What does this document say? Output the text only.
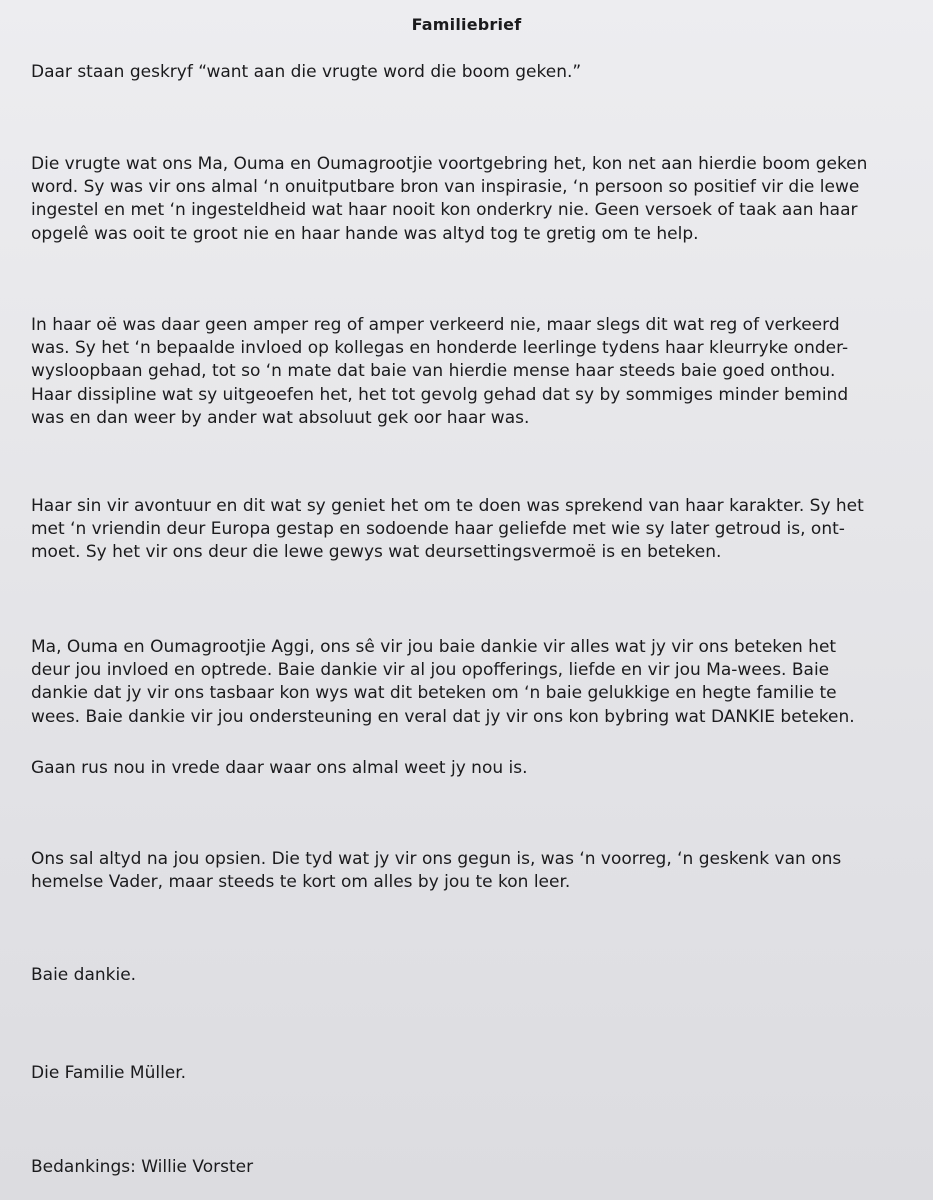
Familiebrief

Daar staan geskryf “want aan die vrugte word die boom geken.”

Die vrugte wat ons Ma, Ouma en Oumagrootjie voortgebring het, kon net aan hierdie boom geken
word. Sy was vir ons almal ‘n onuitputbare bron van inspirasie, ‘n persoon so positief vir die lewe
ingestel en met ‘n ingesteldheid wat haar nooit kon onderkry nie. Geen versoek of taak aan haar
opgelê was ooit te groot nie en haar hande was altyd tog te gretig om te help.

In haar oë was daar geen amper reg of amper verkeerd nie, maar slegs dit wat reg of verkeerd
was. Sy het ‘n bepaalde invloed op kollegas en honderde leerlinge tydens haar kleurryke onder-
wysloopbaan gehad, tot so ‘n mate dat baie van hierdie mense haar steeds baie goed onthou.
Haar dissipline wat sy uitgeoefen het, het tot gevolg gehad dat sy by sommiges minder bemind
was en dan weer by ander wat absoluut gek oor haar was.

Haar sin vir avontuur en dit wat sy geniet het om te doen was sprekend van haar karakter. Sy het
met ‘n vriendin deur Europa gestap en sodoende haar geliefde met wie sy later getroud is, ont-
moet. Sy het vir ons deur die lewe gewys wat deursettingsvermoë is en beteken.

Ma, Ouma en Oumagrootjie Aggi, ons sê vir jou baie dankie vir alles wat jy vir ons beteken het
deur jou invloed en optrede. Baie dankie vir al jou opofferings, liefde en vir jou Ma-wees. Baie
dankie dat jy vir ons tasbaar kon wys wat dit beteken om ‘n baie gelukkige en hegte familie te
wees. Baie dankie vir jou ondersteuning en veral dat jy vir ons kon bybring wat DANKIE beteken.

Gaan rus nou in vrede daar waar ons almal weet jy nou is.

Ons sal altyd na jou opsien. Die tyd wat jy vir ons gegun is, was ‘n voorreg, ‘n geskenk van ons
hemelse Vader, maar steeds te kort om alles by jou te kon leer.

Baie dankie.

Die Familie Müller.

Bedankings: Willie Vorster
